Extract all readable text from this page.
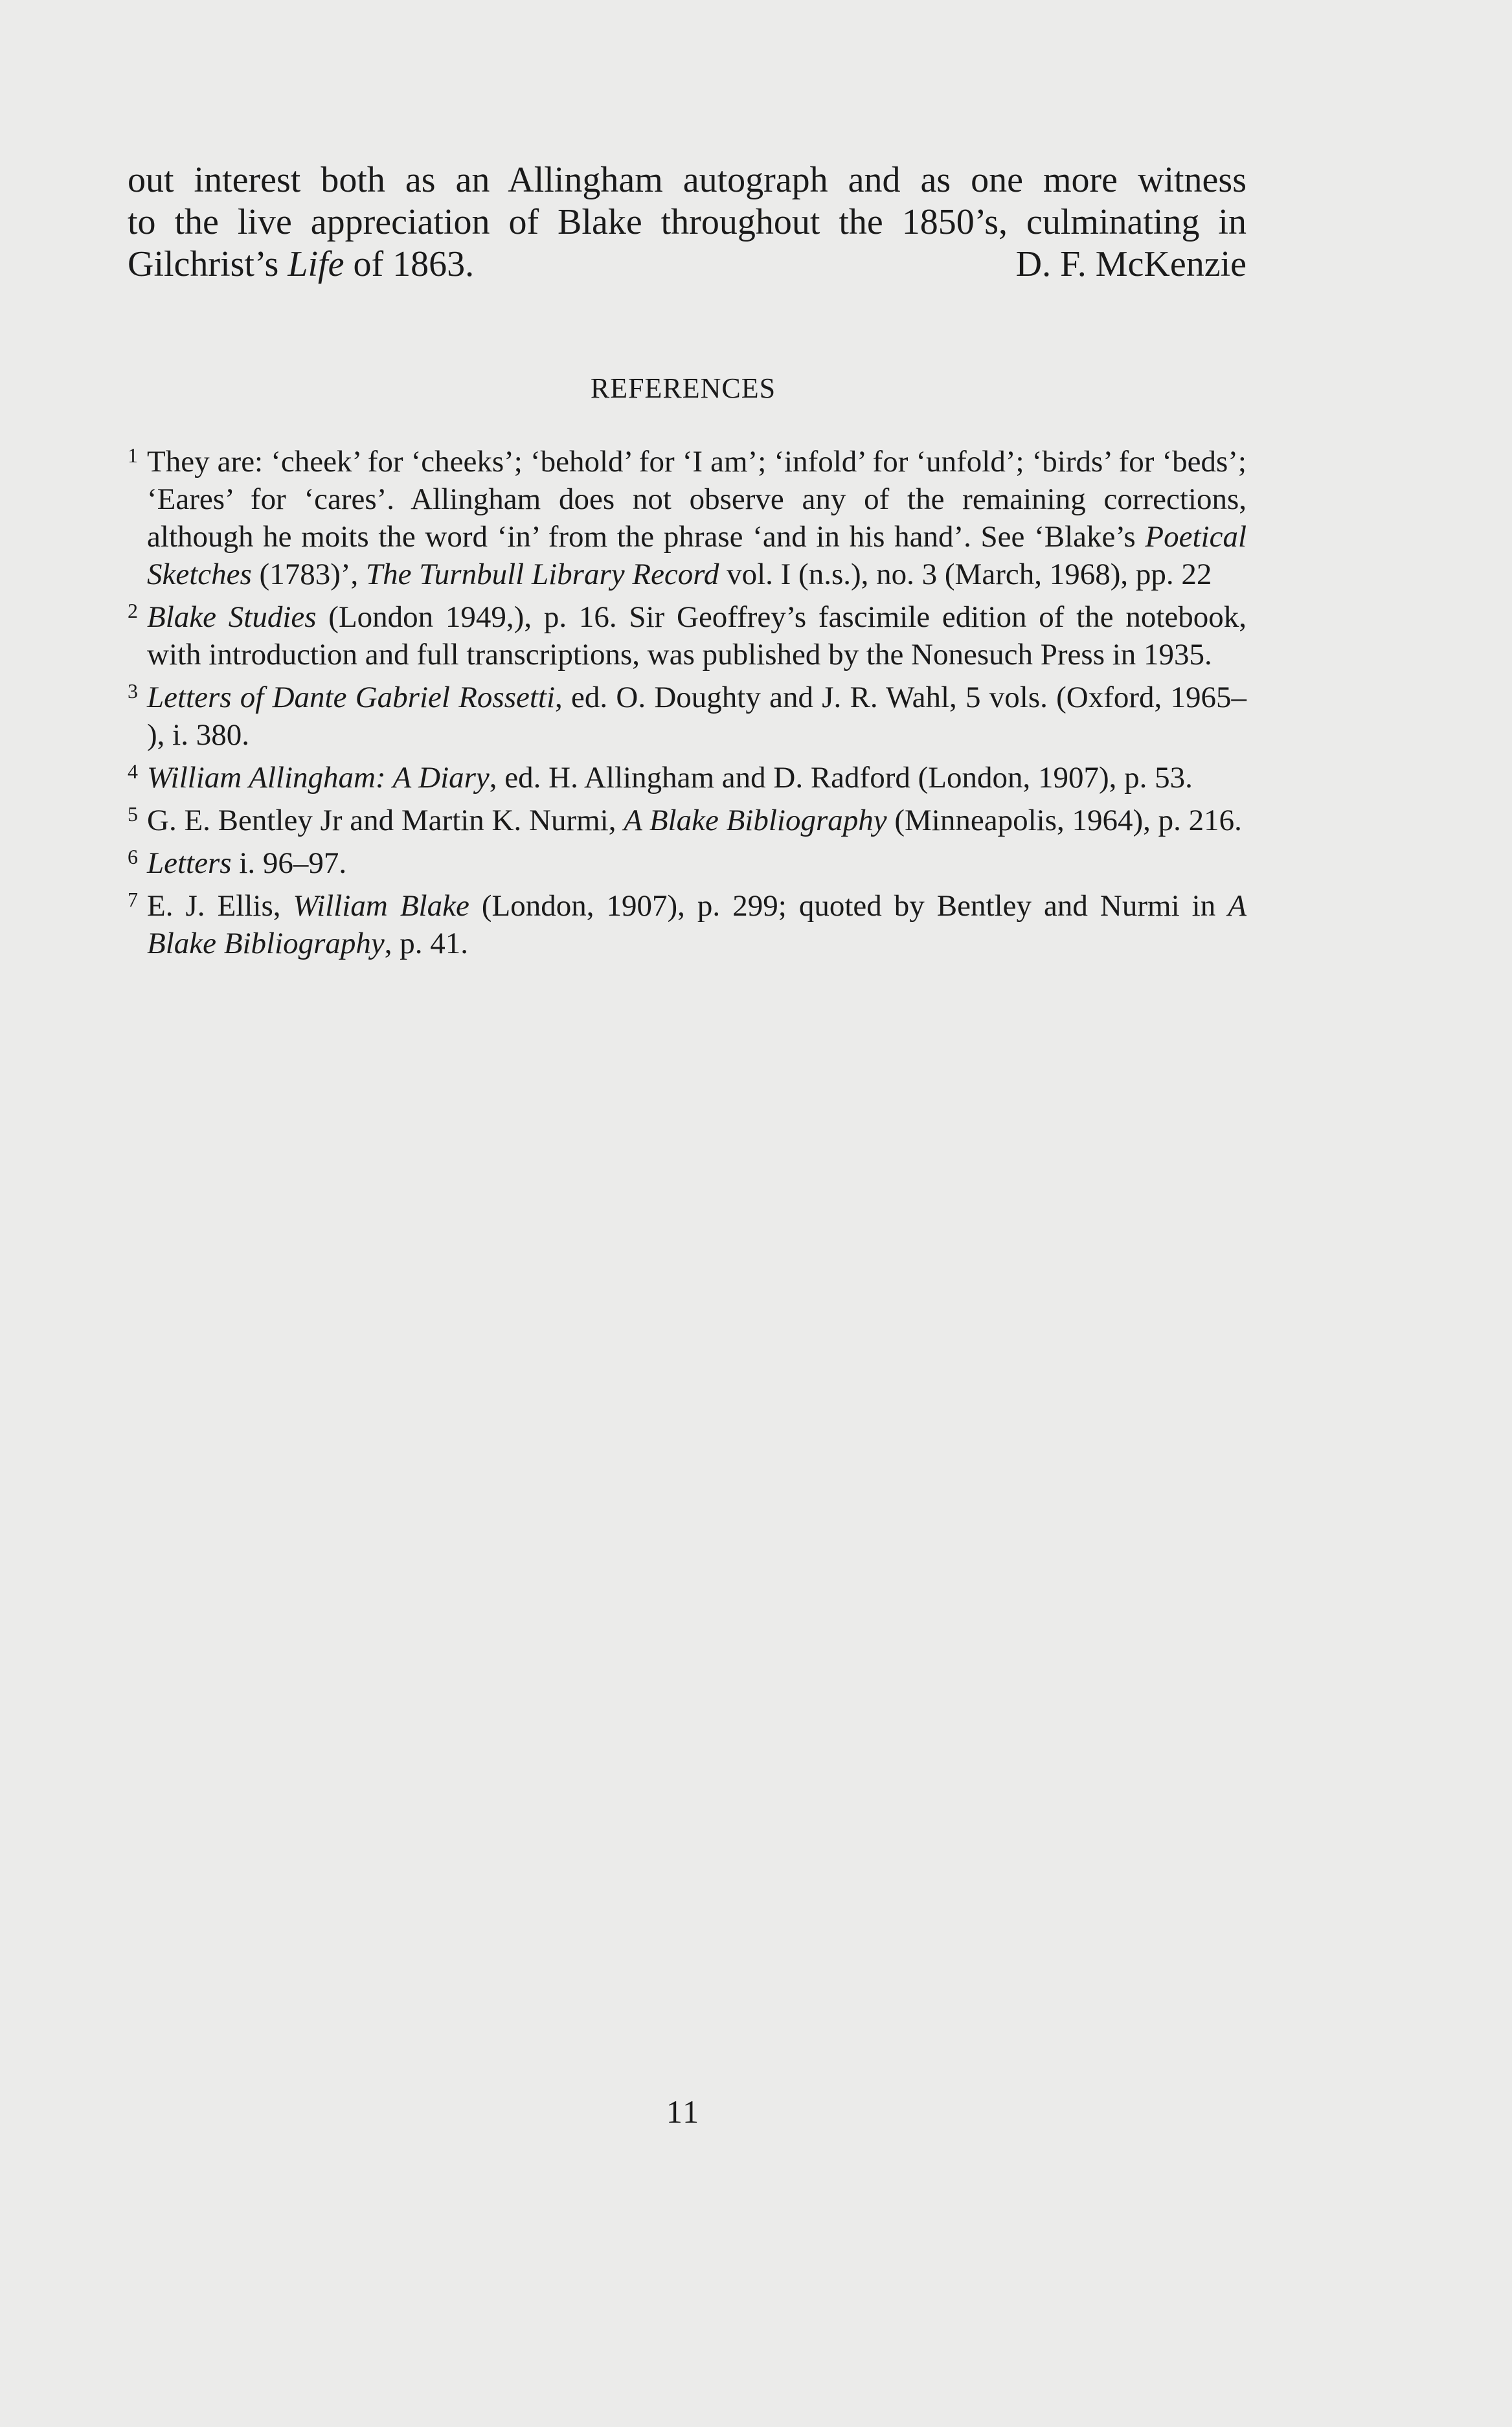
out interest both as an Allingham autograph and as one more witness
to the live appreciation of Blake throughout the 1850’s, culminating in
Gilchrist’s Life of 1863.	D. F. McKenzie
REFERENCES
1 They are: ‘cheek’ for ‘cheeks’; ‘behold’ for ‘I am’; ‘infold’ for ‘unfold’; ‘birds’ for ‘beds’; ‘Eares’ for ‘cares’. Allingham does not observe any of the remaining corrections, although he moits the word ‘in’ from the phrase ‘and in his hand’. See ‘Blake’s Poetical Sketches (1783)’, The Turnbull Library Record vol. I (n.s.), no. 3 (March, 1968), pp. 22
2 Blake Studies (London 1949,), p. 16. Sir Geoffrey’s fascimile edition of the notebook, with introduction and full transcriptions, was published by the Nonesuch Press in 1935.
3 Letters of Dante Gabriel Rossetti, ed. O. Doughty and J. R. Wahl, 5 vols. (Oxford, 1965– ), i. 380.
4 William Allingham: A Diary, ed. H. Allingham and D. Radford (London, 1907), p. 53.
5 G. E. Bentley Jr and Martin K. Nurmi, A Blake Bibliography (Minneapolis, 1964), p. 216.
6 Letters i. 96–97.
7 E. J. Ellis, William Blake (London, 1907), p. 299; quoted by Bentley and Nurmi in A Blake Bibliography, p. 41.
11
